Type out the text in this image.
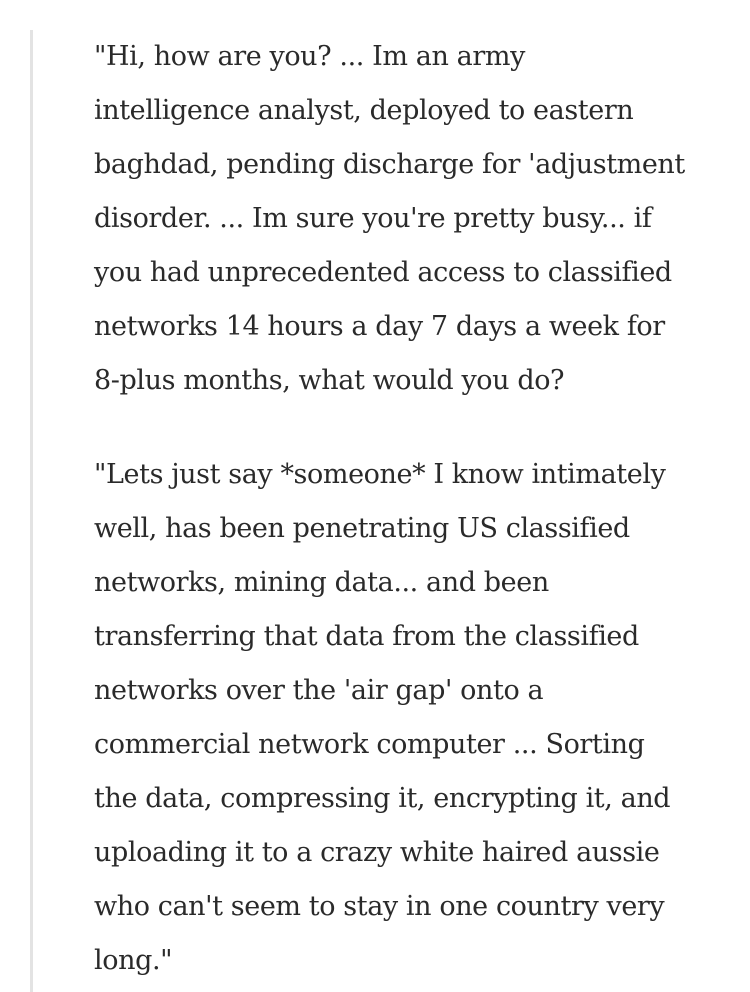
"Hi, how are you? ... Im an army
intelligence analyst, deployed to eastern
baghdad, pending discharge for 'adjustment
disorder. ... Im sure you're pretty busy... if
you had unprecedented access to classified
networks 14 hours a day 7 days a week for
8-plus months, what would you do?

"Lets just say *someone* I know intimately
well, has been penetrating US classified
networks, mining data... and been
transferring that data from the classified
networks over the 'air gap' onto a
commercial network computer ... Sorting
the data, compressing it, encrypting it, and
uploading it to a crazy white haired aussie
who can't seem to stay in one country very
long."
